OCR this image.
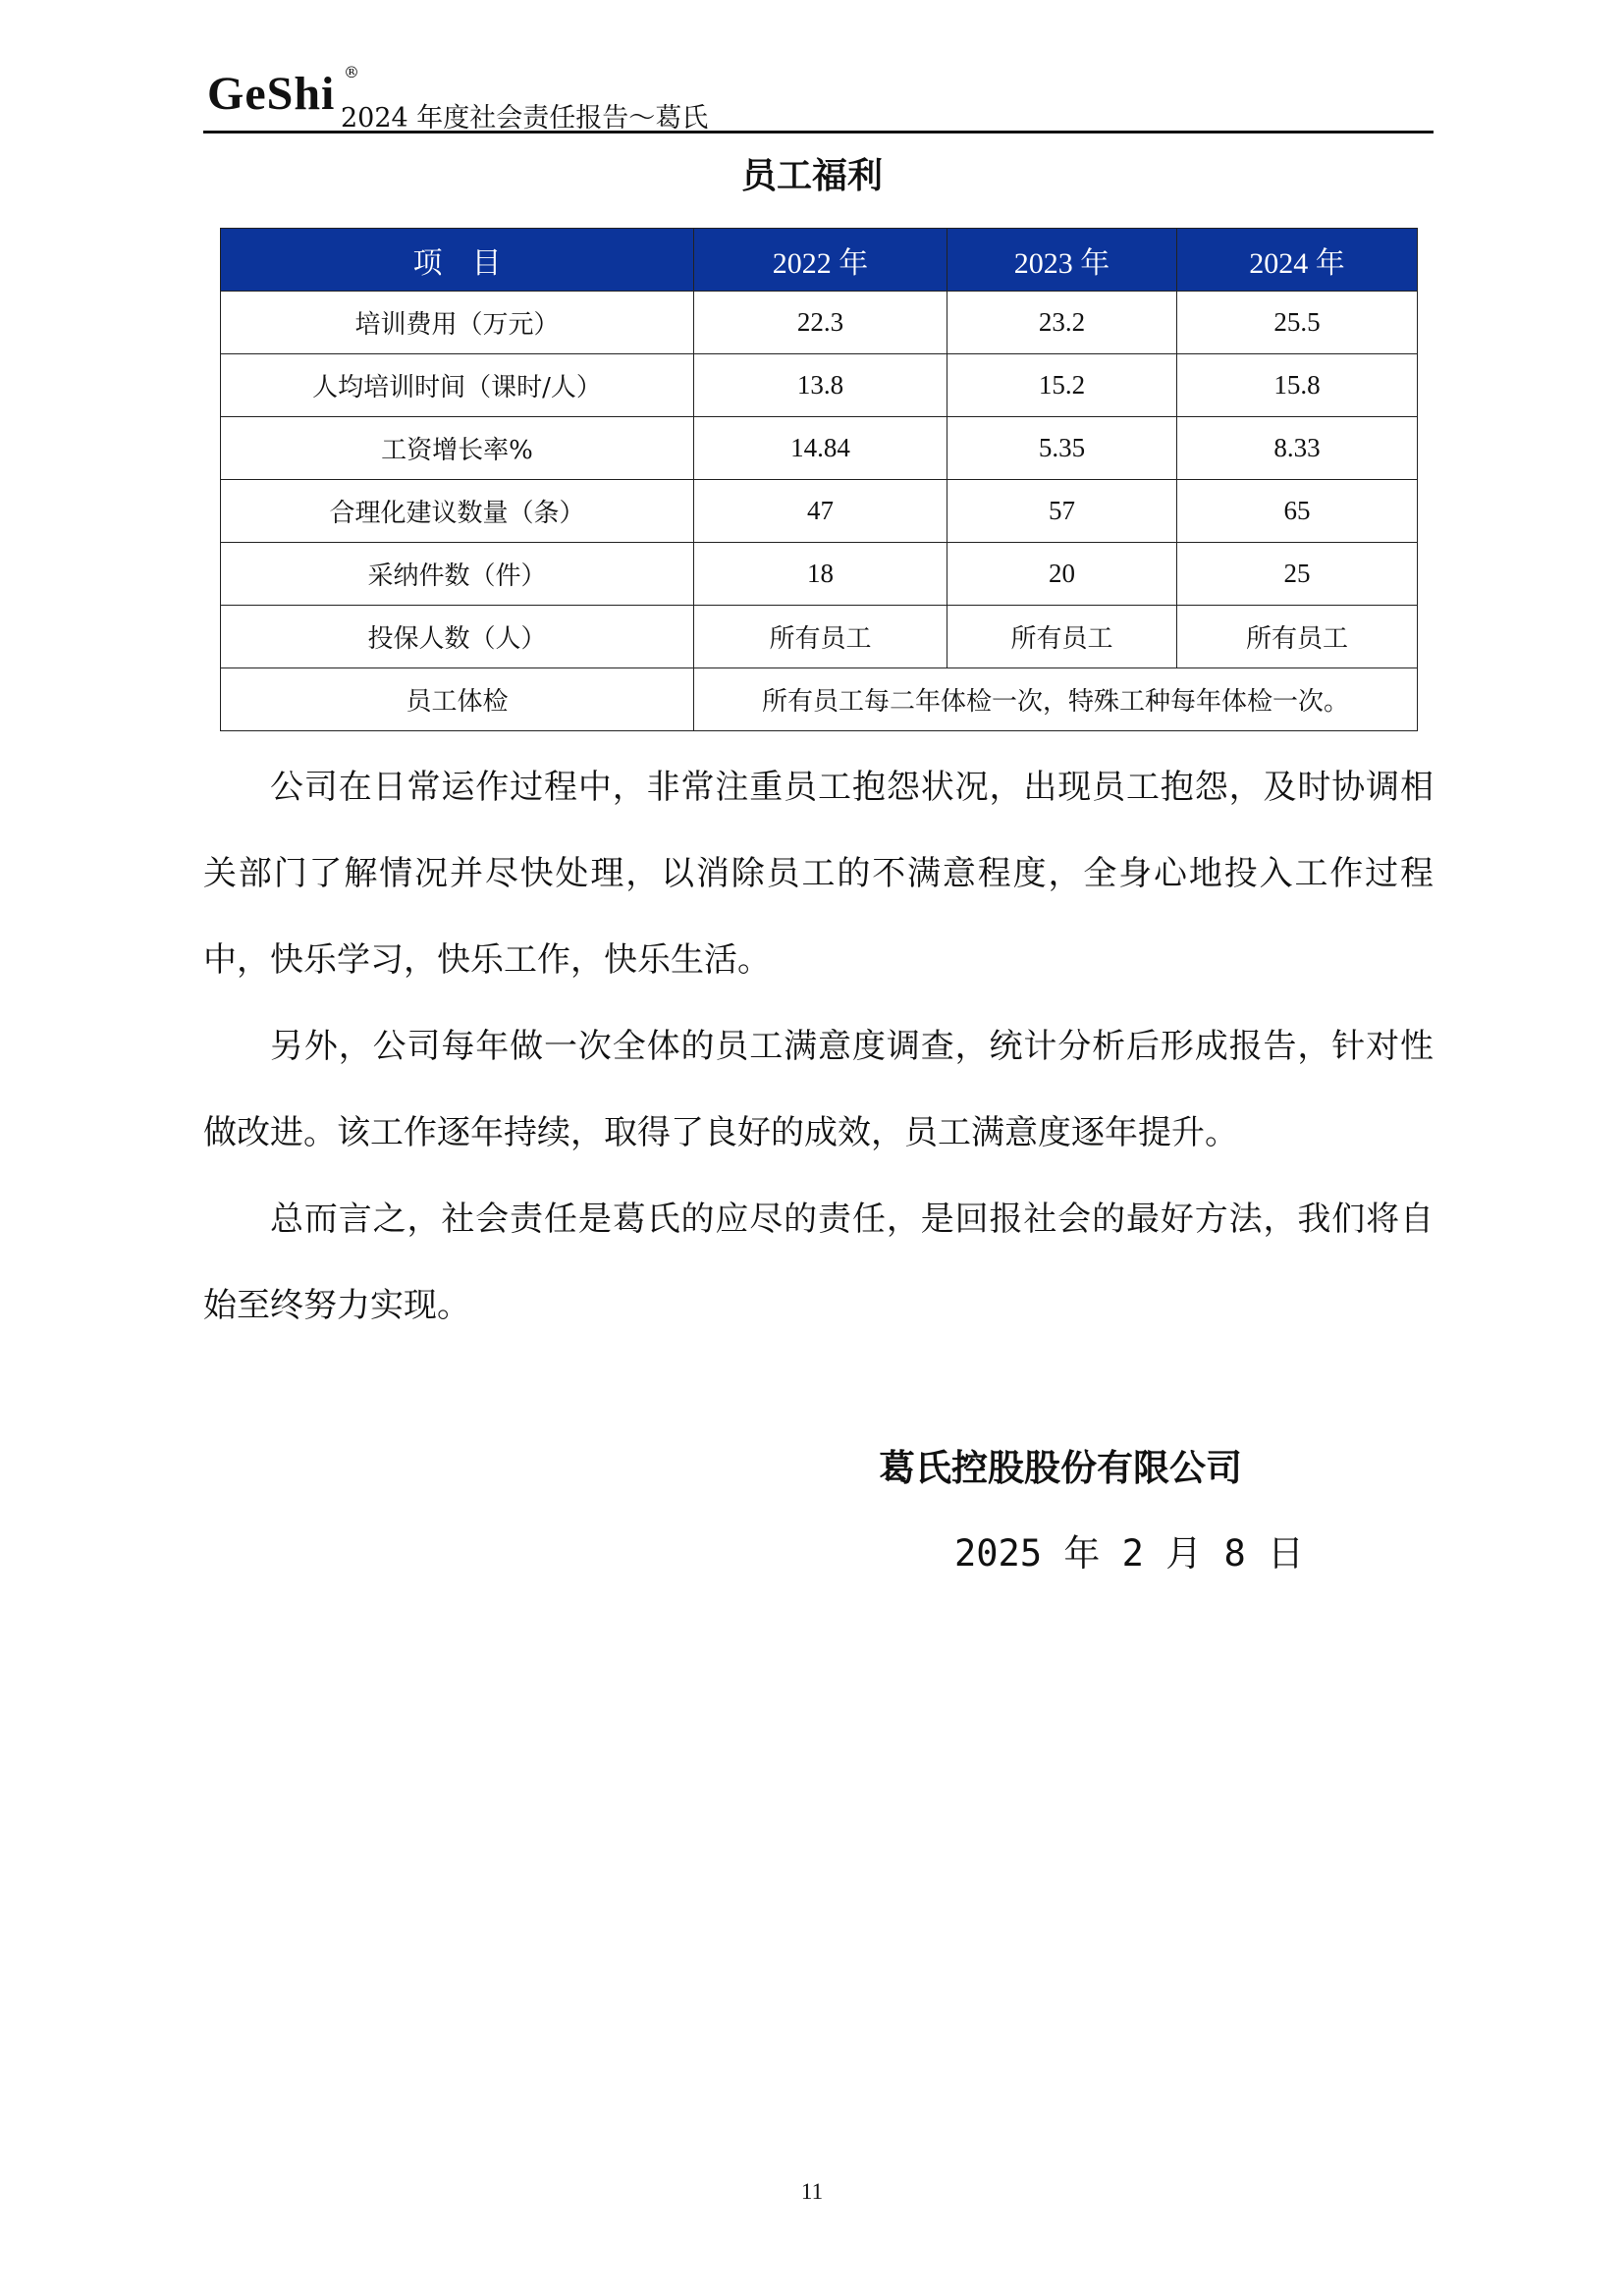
GeShi ®
2024 年度社会责任报告～葛氏
员工福利
项　目	2022 年	2023 年	2024 年
培训费用（万元）	22.3	23.2	25.5
人均培训时间（课时/人）	13.8	15.2	15.8
工资增长率%	14.84	5.35	8.33
合理化建议数量（条）	47	57	65
采纳件数（件）	18	20	25
投保人数（人）	所有员工	所有员工	所有员工
员工体检	所有员工每二年体检一次，特殊工种每年体检一次。		

公司在日常运作过程中，非常注重员工抱怨状况，出现员工抱怨，及时协调相关部门了解情况并尽快处理，以消除员工的不满意程度，全身心地投入工作过程中，快乐学习，快乐工作，快乐生活。

另外，公司每年做一次全体的员工满意度调查，统计分析后形成报告，针对性做改进。该工作逐年持续，取得了良好的成效，员工满意度逐年提升。

总而言之，社会责任是葛氏的应尽的责任，是回报社会的最好方法，我们将自始至终努力实现。

葛氏控股股份有限公司
2025 年 2 月 8 日
11
